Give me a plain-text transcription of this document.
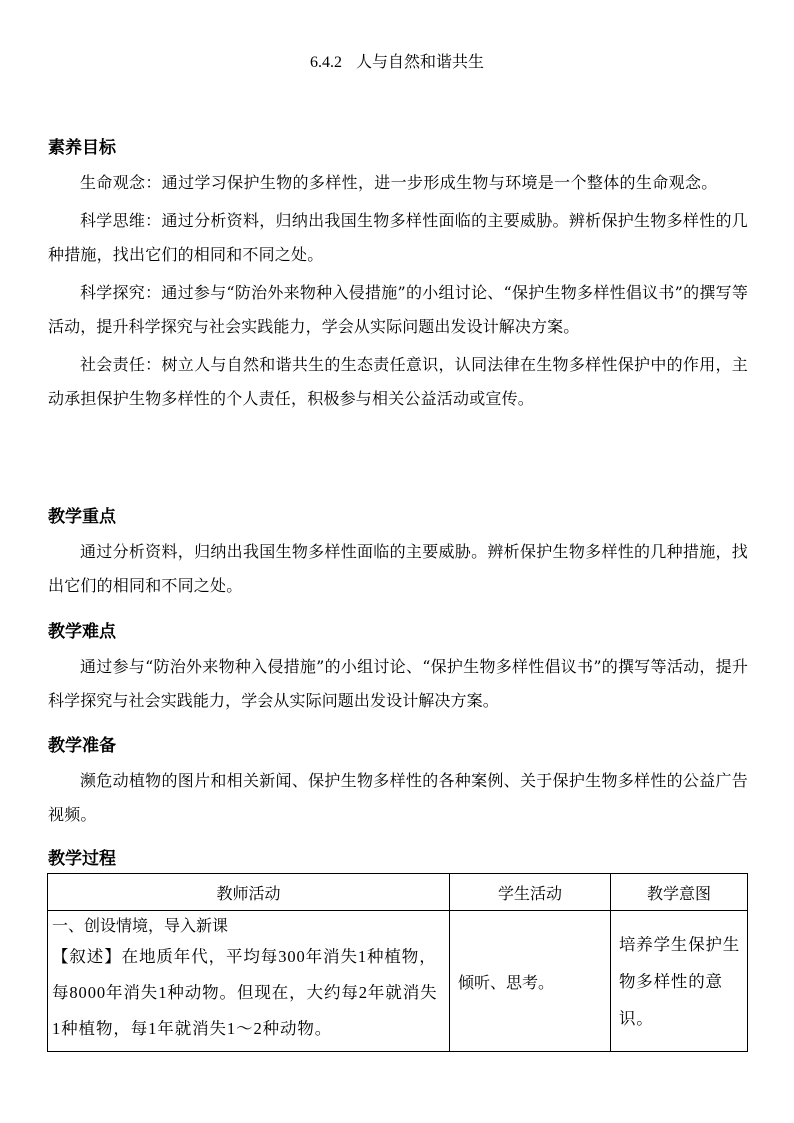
6.4.2 人与自然和谐共生
素养目标
生命观念：通过学习保护生物的多样性，进一步形成生物与环境是一个整体的生命观念。
科学思维：通过分析资料，归纳出我国生物多样性面临的主要威胁。辨析保护生物多样性的几种措施，找出它们的相同和不同之处。
科学探究：通过参与“防治外来物种入侵措施”的小组讨论、“保护生物多样性倡议书”的撰写等活动，提升科学探究与社会实践能力，学会从实际问题出发设计解决方案。
社会责任：树立人与自然和谐共生的生态责任意识，认同法律在生物多样性保护中的作用，主动承担保护生物多样性的个人责任，积极参与相关公益活动或宣传。
教学重点
通过分析资料，归纳出我国生物多样性面临的主要威胁。辨析保护生物多样性的几种措施，找出它们的相同和不同之处。
教学难点
通过参与“防治外来物种入侵措施”的小组讨论、“保护生物多样性倡议书”的撰写等活动，提升科学探究与社会实践能力，学会从实际问题出发设计解决方案。
教学准备
濒危动植物的图片和相关新闻、保护生物多样性的各种案例、关于保护生物多样性的公益广告视频。
教学过程
教师活动	学生活动	教学意图

一、创设情境，导入新课
【叙述】在地质年代，平均每300年消失1种植物，每8000年消失1种动物。但现在，大约每2年就消失1种植物，每1年就消失1～2种动物。	倾听、思考。	培养学生保护生物多样性的意识。
